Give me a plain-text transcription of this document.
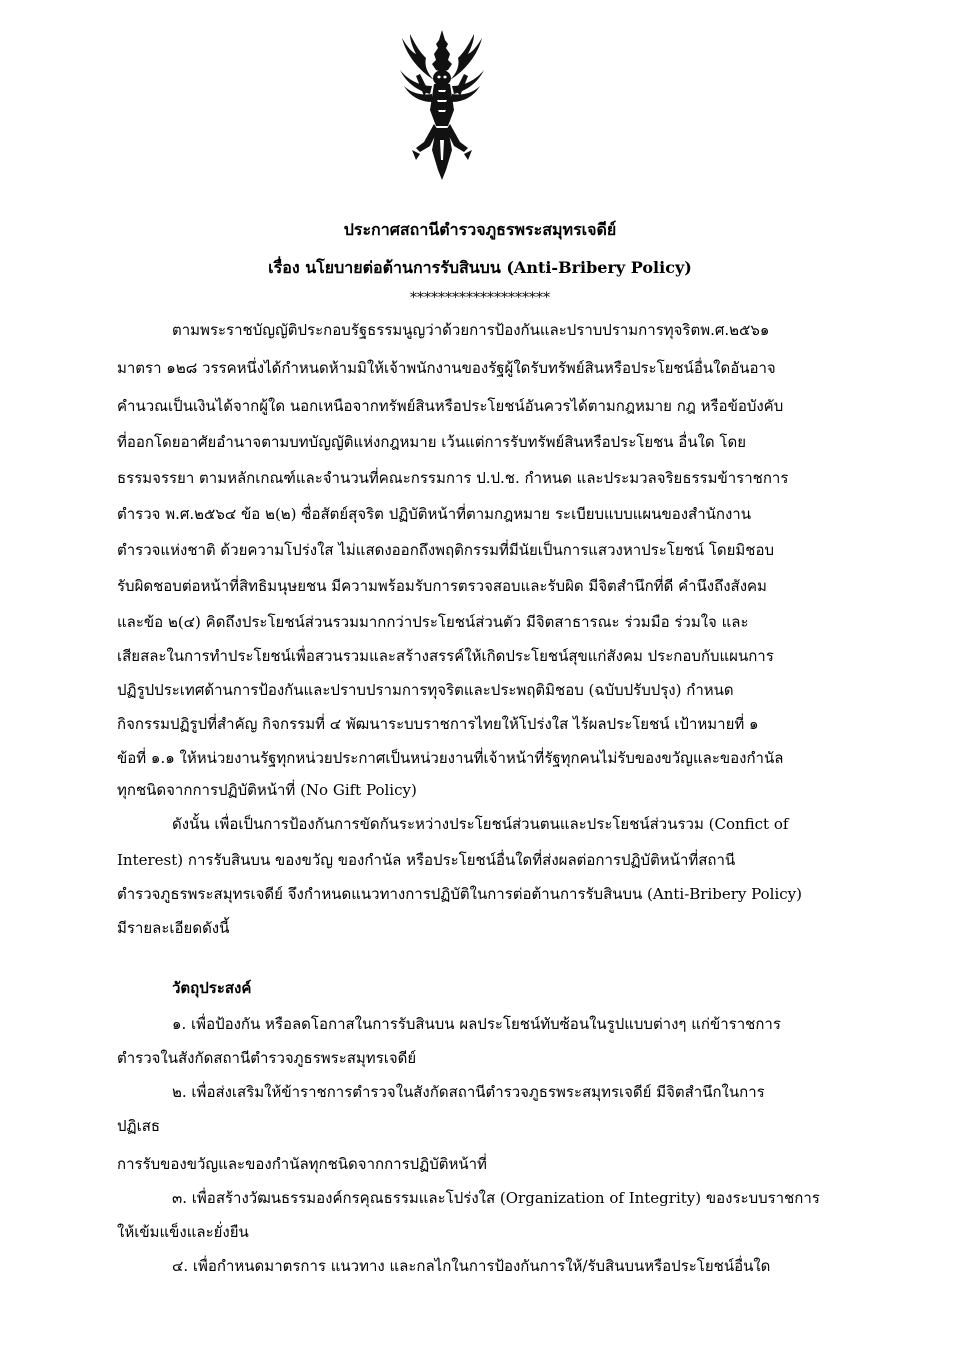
ประกาศสถานีตำรวจภูธรพระสมุทรเจดีย์
เรื่อง นโยบายต่อต้านการรับสินบน (Anti-Bribery Policy)
********************
ตามพระราชบัญญัติประกอบรัฐธรรมนูญว่าด้วยการป้องกันและปราบปรามการทุจริตพ.ศ.๒๕๖๑
มาตรา ๑๒๘ วรรคหนึ่งได้กำหนดห้ามมิให้เจ้าพนักงานของรัฐผู้ใดรับทรัพย์สินหรือประโยชน์อื่นใดอันอาจ
คำนวณเป็นเงินได้จากผู้ใด นอกเหนือจากทรัพย์สินหรือประโยชน์อันควรได้ตามกฎหมาย กฎ หรือข้อบังคับ
ที่ออกโดยอาศัยอำนาจตามบทบัญญัติแห่งกฎหมาย เว้นแต่การรับทรัพย์สินหรือประโยชน อื่นใด โดย
ธรรมจรรยา ตามหลักเกณฑ์และจำนวนที่คณะกรรมการ ป.ป.ช. กำหนด และประมวลจริยธรรมข้าราชการ
ตำรวจ พ.ศ.๒๕๖๔ ข้อ ๒(๒) ซื่อสัตย์สุจริต ปฏิบัติหน้าที่ตามกฎหมาย ระเบียบแบบแผนของสำนักงาน
ตำรวจแห่งชาติ ด้วยความโปร่งใส ไม่แสดงออกถึงพฤติกรรมที่มีนัยเป็นการแสวงหาประโยชน์ โดยมิชอบ
รับผิดชอบต่อหน้าที่สิทธิมนุษยชน มีความพร้อมรับการตรวจสอบและรับผิด มีจิตสำนึกที่ดี คำนึงถึงสังคม
และข้อ ๒(๔) คิดถึงประโยชน์ส่วนรวมมากกว่าประโยชน์ส่วนตัว มีจิตสาธารณะ ร่วมมือ ร่วมใจ และ
เสียสละในการทำประโยชน์เพื่อสวนรวมและสร้างสรรค์ให้เกิดประโยชน์สุขแก่สังคม ประกอบกับแผนการ
ปฏิรูปประเทศด้านการป้องกันและปราบปรามการทุจริตและประพฤติมิชอบ (ฉบับปรับปรุง) กำหนด
กิจกรรมปฏิรูปที่สำคัญ กิจกรรมที่ ๔ พัฒนาระบบราชการไทยให้โปร่งใส ไร้ผลประโยชน์ เป้าหมายที่ ๑
ข้อที่ ๑.๑ ให้หน่วยงานรัฐทุกหน่วยประกาศเป็นหน่วยงานที่เจ้าหน้าที่รัฐทุกคนไม่รับของขวัญและของกำนัล
ทุกชนิดจากการปฏิบัติหน้าที่ (No Gift Policy)
ดังนั้น เพื่อเป็นการป้องกันการขัดกันระหว่างประโยชน์ส่วนตนและประโยชน์ส่วนรวม (Confict of
Interest) การรับสินบน ของขวัญ ของกำนัล หรือประโยชน์อื่นใดที่ส่งผลต่อการปฏิบัติหน้าที่สถานี
ตำรวจภูธรพระสมุทรเจดีย์ จึงกำหนดแนวทางการปฏิบัติในการต่อต้านการรับสินบน (Anti-Bribery Policy)
มีรายละเอียดดังนี้
วัตถุประสงค์
๑. เพื่อป้องกัน หรือลดโอกาสในการรับสินบน ผลประโยชน์ทับซ้อนในรูปแบบต่างๆ แก่ข้าราชการ
ตำรวจในสังกัดสถานีตำรวจภูธรพระสมุทรเจดีย์
๒. เพื่อส่งเสริมให้ข้าราชการตำรวจในสังกัดสถานีตำรวจภูธรพระสมุทรเจดีย์ มีจิตสำนึกในการ
ปฏิเสธ
การรับของขวัญและของกำนัลทุกชนิดจากการปฏิบัติหน้าที่
๓. เพื่อสร้างวัฒนธรรมองค์กรคุณธรรมและโปร่งใส (Organization of Integrity) ของระบบราชการ
ให้เข้มแข็งและยั่งยืน
๔. เพื่อกำหนดมาตรการ แนวทาง และกลไกในการป้องกันการให้/รับสินบนหรือประโยชน์อื่นใด
